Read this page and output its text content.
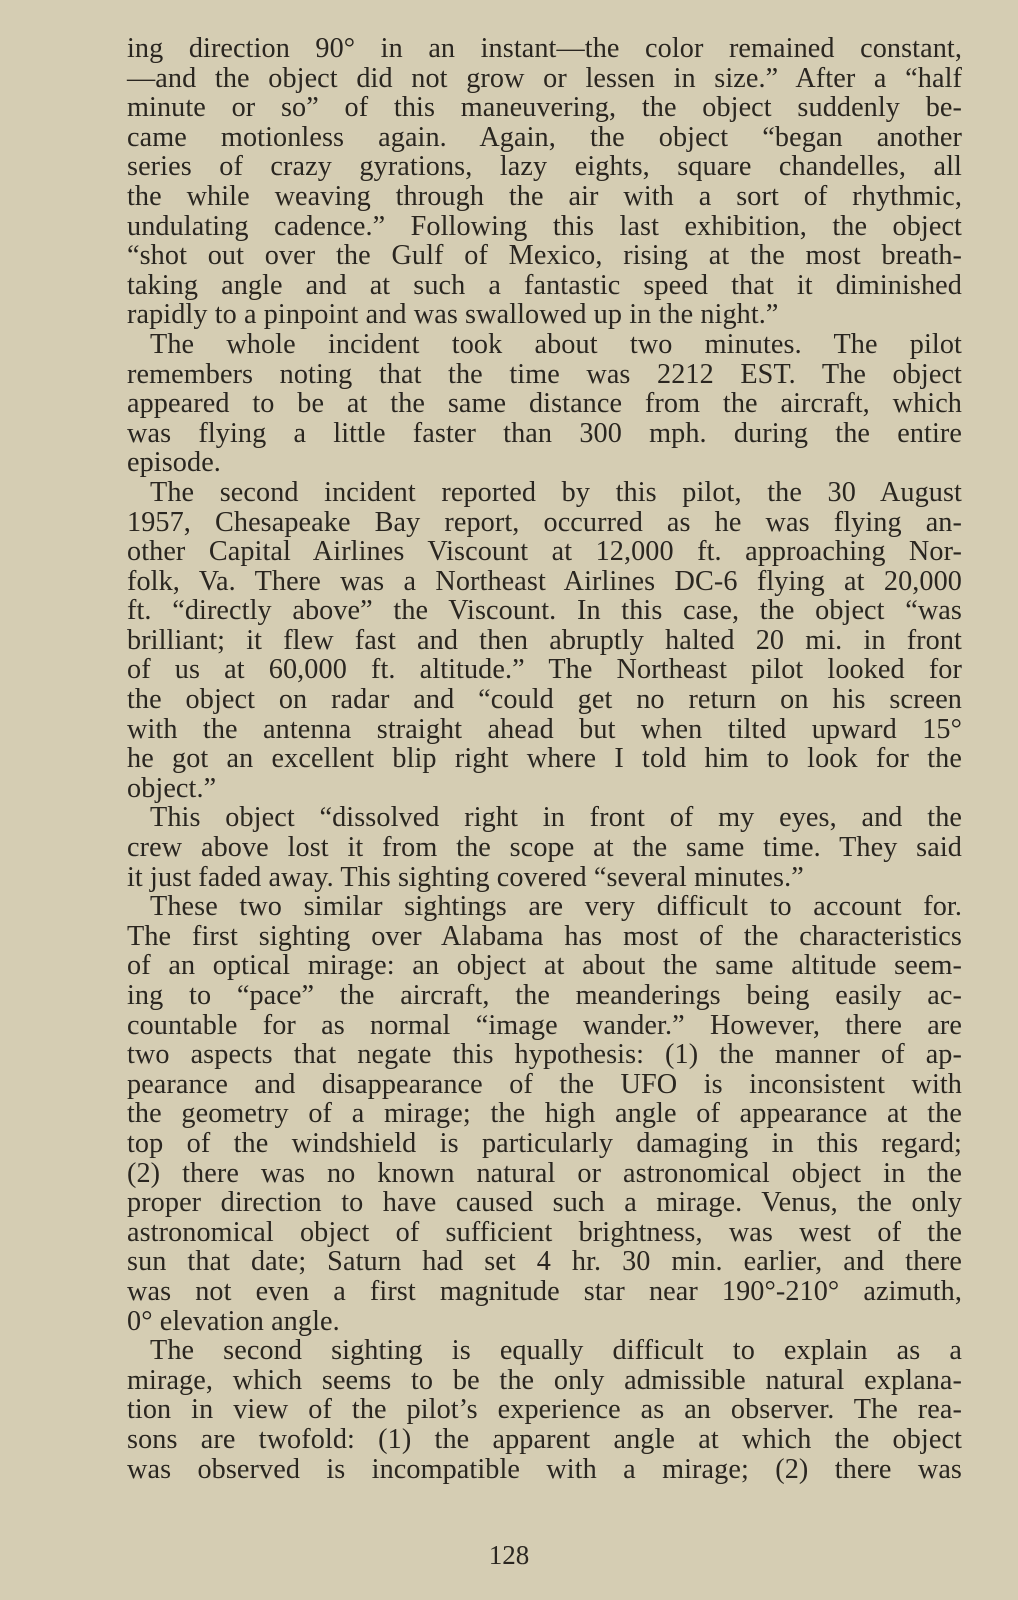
ing direction 90° in an instant—the color remained constant,
—and the object did not grow or lessen in size.” After a “half
minute or so” of this maneuvering, the object suddenly be-
came motionless again. Again, the object “began another
series of crazy gyrations, lazy eights, square chandelles, all
the while weaving through the air with a sort of rhythmic,
undulating cadence.” Following this last exhibition, the object
“shot out over the Gulf of Mexico, rising at the most breath-
taking angle and at such a fantastic speed that it diminished
rapidly to a pinpoint and was swallowed up in the night.”
The whole incident took about two minutes. The pilot
remembers noting that the time was 2212 EST. The object
appeared to be at the same distance from the aircraft, which
was flying a little faster than 300 mph. during the entire
episode.
The second incident reported by this pilot, the 30 August
1957, Chesapeake Bay report, occurred as he was flying an-
other Capital Airlines Viscount at 12,000 ft. approaching Nor-
folk, Va. There was a Northeast Airlines DC-6 flying at 20,000
ft. “directly above” the Viscount. In this case, the object “was
brilliant; it flew fast and then abruptly halted 20 mi. in front
of us at 60,000 ft. altitude.” The Northeast pilot looked for
the object on radar and “could get no return on his screen
with the antenna straight ahead but when tilted upward 15°
he got an excellent blip right where I told him to look for the
object.”
This object “dissolved right in front of my eyes, and the
crew above lost it from the scope at the same time. They said
it just faded away. This sighting covered “several minutes.”
These two similar sightings are very difficult to account for.
The first sighting over Alabama has most of the characteristics
of an optical mirage: an object at about the same altitude seem-
ing to “pace” the aircraft, the meanderings being easily ac-
countable for as normal “image wander.” However, there are
two aspects that negate this hypothesis: (1) the manner of ap-
pearance and disappearance of the UFO is inconsistent with
the geometry of a mirage; the high angle of appearance at the
top of the windshield is particularly damaging in this regard;
(2) there was no known natural or astronomical object in the
proper direction to have caused such a mirage. Venus, the only
astronomical object of sufficient brightness, was west of the
sun that date; Saturn had set 4 hr. 30 min. earlier, and there
was not even a first magnitude star near 190°-210° azimuth,
0° elevation angle.
The second sighting is equally difficult to explain as a
mirage, which seems to be the only admissible natural explana-
tion in view of the pilot’s experience as an observer. The rea-
sons are twofold: (1) the apparent angle at which the object
was observed is incompatible with a mirage; (2) there was
128
